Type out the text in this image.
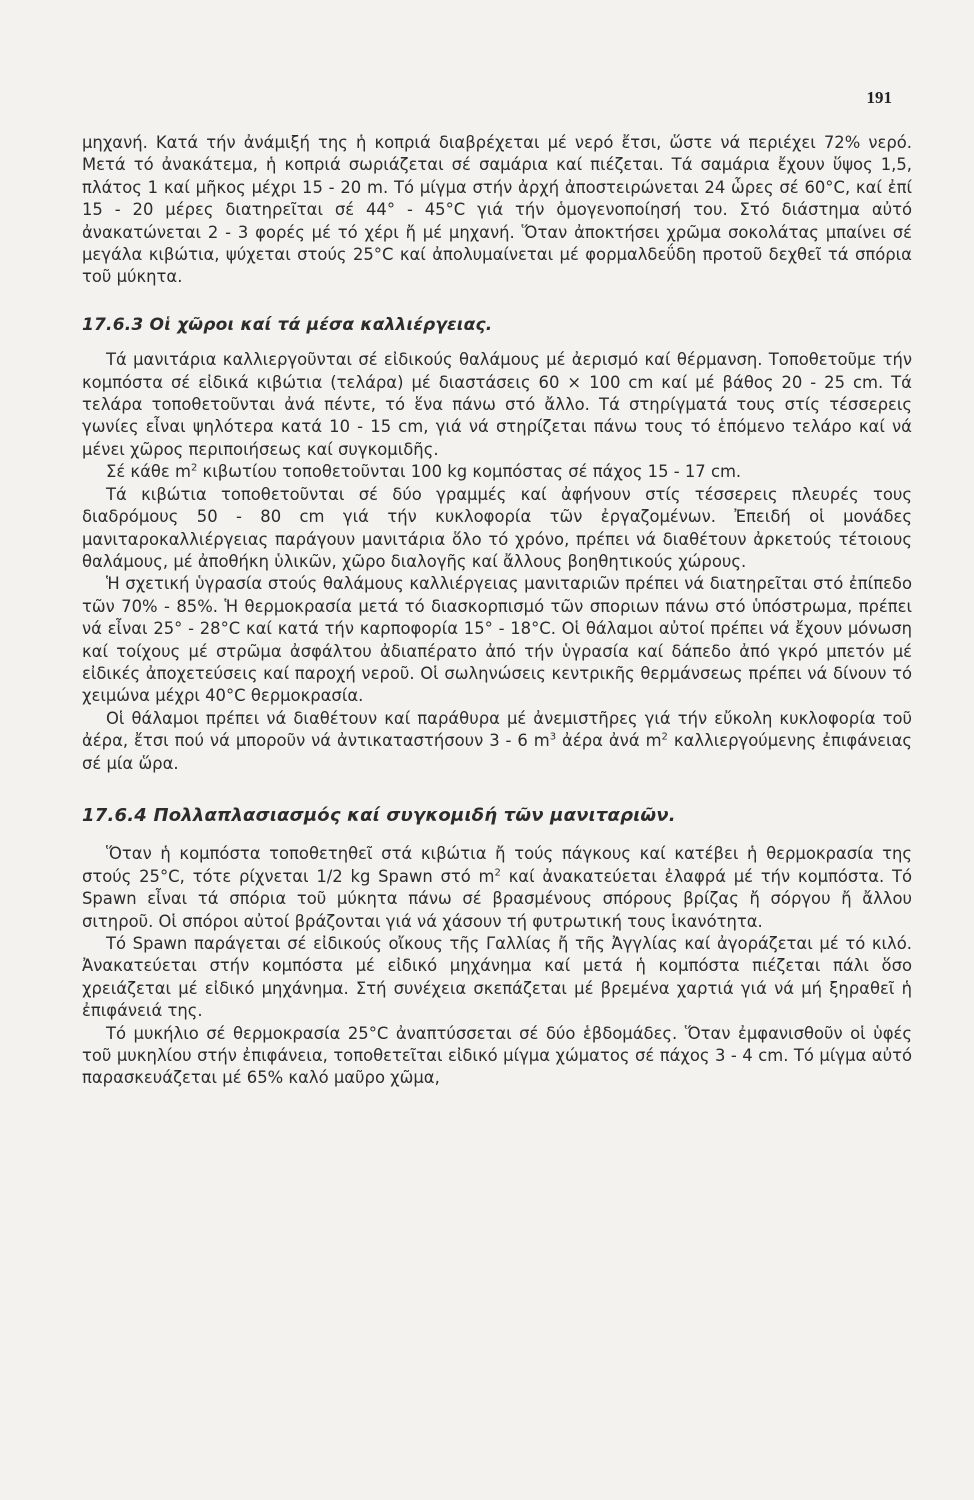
191

μηχανή. Κατά τήν ἀνάμιξή της ἡ κοπριά διαβρέχεται μέ νερό ἔτσι, ὥστε νά περιέχει 72% νερό. Μετά τό ἀνακάτεμα, ἡ κοπριά σωριάζεται σέ σαμάρια καί πιέζεται. Τά σαμάρια ἔχουν ὕψος 1,5, πλάτος 1 καί μῆκος μέχρι 15 - 20 m. Τό μίγμα στήν ἀρχή ἀποστειρώνεται 24 ὧρες σέ 60°C, καί ἐπί 15 - 20 μέρες διατηρεῖται σέ 44° - 45°C γιά τήν ὁμογενοποίησή του. Στό διάστημα αὐτό ἀνακατώνεται 2 - 3 φορές μέ τό χέρι ἤ μέ μηχανή. Ὅταν ἀποκτήσει χρῶμα σοκολάτας μπαίνει σέ μεγάλα κιβώτια, ψύχεται στούς 25°C καί ἀπολυμαίνεται μέ φορμαλδεΰδη προτοῦ δεχθεῖ τά σπόρια τοῦ μύκητα.

17.6.3 Οἱ χῶροι καί τά μέσα καλλιέργειας.

Τά μανιτάρια καλλιεργοῦνται σέ εἰδικούς θαλάμους μέ ἀερισμό καί θέρμανση. Τοποθετοῦμε τήν κομπόστα σέ εἰδικά κιβώτια (τελάρα) μέ διαστάσεις 60 × 100 cm καί μέ βάθος 20 - 25 cm. Τά τελάρα τοποθετοῦνται ἀνά πέντε, τό ἕνα πάνω στό ἄλλο. Τά στηρίγματά τους στίς τέσσερεις γωνίες εἶναι ψηλότερα κατά 10 - 15 cm, γιά νά στηρίζεται πάνω τους τό ἑπόμενο τελάρο καί νά μένει χῶρος περιποιήσεως καί συγκομιδῆς.

Σέ κάθε $m^2$ κιβωτίου τοποθετοῦνται 100 kg κομπόστας σέ πάχος 15 - 17 cm.

Τά κιβώτια τοποθετοῦνται σέ δύο γραμμές καί ἀφήνουν στίς τέσσερεις πλευρές τους διαδρόμους 50 - 80 cm γιά τήν κυκλοφορία τῶν ἐργαζομένων. Ἐπειδή οἱ μονάδες μανιταροκαλλιέργειας παράγουν μανιτάρια ὅλο τό χρόνο, πρέπει νά διαθέτουν ἀρκετούς τέτοιους θαλάμους, μέ ἀποθήκη ὑλικῶν, χῶρο διαλογῆς καί ἄλλους βοηθητικούς χώρους.

Ἡ σχετική ὑγρασία στούς θαλάμους καλλιέργειας μανιταριῶν πρέπει νά διατηρεῖται στό ἐπίπεδο τῶν 70% - 85%. Ἡ θερμοκρασία μετά τό διασκορπισμό τῶν σποριων πάνω στό ὑπόστρωμα, πρέπει νά εἶναι 25° - 28°C καί κατά τήν καρποφορία 15° - 18°C. Οἱ θάλαμοι αὐτοί πρέπει νά ἔχουν μόνωση καί τοίχους μέ στρῶμα ἀσφάλτου ἀδιαπέρατο ἀπό τήν ὑγρασία καί δάπεδο ἀπό γκρό μπετόν μέ εἰδικές ἀποχετεύσεις καί παροχή νεροῦ. Οἱ σωληνώσεις κεντρικῆς θερμάνσεως πρέπει νά δίνουν τό χειμώνα μέχρι 40°C θερμοκρασία.

Οἱ θάλαμοι πρέπει νά διαθέτουν καί παράθυρα μέ ἀνεμιστῆρες γιά τήν εὔκολη κυκλοφορία τοῦ ἀέρα, ἔτσι πού νά μποροῦν νά ἀντικαταστήσουν 3 - 6 $m^3$ ἀέρα ἀνά $m^2$ καλλιεργούμενης ἐπιφάνειας σέ μία ὥρα.

17.6.4 Πολλαπλασιασμός καί συγκομιδή τῶν μανιταριῶν.

Ὅταν ἡ κομπόστα τοποθετηθεῖ στά κιβώτια ἤ τούς πάγκους καί κατέβει ἡ θερμοκρασία της στούς 25°C, τότε ρίχνεται 1/2 kg Spawn στό $m^2$ καί ἀνακατεύεται ἐλαφρά μέ τήν κομπόστα. Τό Spawn εἶναι τά σπόρια τοῦ μύκητα πάνω σέ βρασμένους σπόρους βρίζας ἤ σόργου ἤ ἄλλου σιτηροῦ. Οἱ σπόροι αὐτοί βράζονται γιά νά χάσουν τή φυτρωτική τους ἱκανότητα.

Τό Spawn παράγεται σέ εἰδικούς οἴκους τῆς Γαλλίας ἤ τῆς Ἀγγλίας καί ἀγοράζεται μέ τό κιλό. Ἀνακατεύεται στήν κομπόστα μέ εἰδικό μηχάνημα καί μετά ἡ κομπόστα πιέζεται πάλι ὅσο χρειάζεται μέ εἰδικό μηχάνημα. Στή συνέχεια σκεπάζεται μέ βρεμένα χαρτιά γιά νά μή ξηραθεῖ ἡ ἐπιφάνειά της.

Τό μυκήλιο σέ θερμοκρασία 25°C ἀναπτύσσεται σέ δύο ἑβδομάδες. Ὅταν ἐμφανισθοῦν οἱ ὑφές τοῦ μυκηλίου στήν ἐπιφάνεια, τοποθετεῖται εἰδικό μίγμα χώματος σέ πάχος 3 - 4 cm. Τό μίγμα αὐτό παρασκευάζεται μέ 65% καλό μαῦρο χῶμα,
